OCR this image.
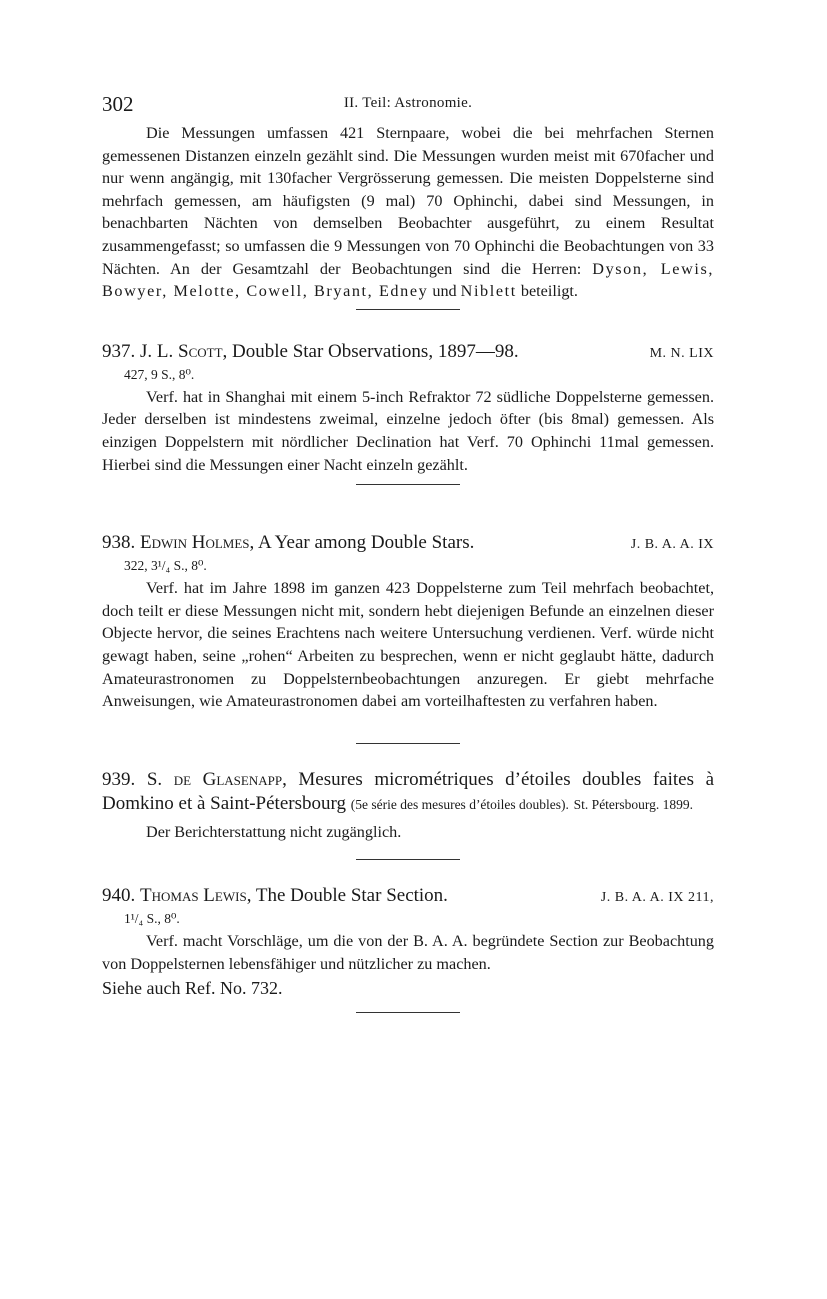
302	II. Teil: Astronomie.

Die Messungen umfassen 421 Sternpaare, wobei die bei mehrfachen Sternen gemessenen Distanzen einzeln gezählt sind. Die Messungen wurden meist mit 670facher und nur wenn angängig, mit 130facher Vergrösserung gemessen. Die meisten Doppelsterne sind mehrfach gemessen, am häufigsten (9 mal) 70 Ophinchi, dabei sind Messungen, in benachbarten Nächten von demselben Beobachter ausgeführt, zu einem Resultat zusammengefasst; so umfassen die 9 Messungen von 70 Ophinchi die Beobachtungen von 33 Nächten. An der Gesamtzahl der Beobachtungen sind die Herren: Dyson, Lewis, Bowyer, Melotte, Cowell, Bryant, Edney und Niblett beteiligt.

937. J. L. Scott, Double Star Observations, 1897—98.	M. N. LIX

427, 9 S., 8⁰.

Verf. hat in Shanghai mit einem 5-inch Refraktor 72 südliche Doppelsterne gemessen. Jeder derselben ist mindestens zweimal, einzelne jedoch öfter (bis 8mal) gemessen. Als einzigen Doppelstern mit nördlicher Declination hat Verf. 70 Ophinchi 11mal gemessen. Hierbei sind die Messungen einer Nacht einzeln gezählt.

938. Edwin Holmes, A Year among Double Stars.	J. B. A. A. IX

322, 3¹/₄ S., 8⁰.

Verf. hat im Jahre 1898 im ganzen 423 Doppelsterne zum Teil mehrfach beobachtet, doch teilt er diese Messungen nicht mit, sondern hebt diejenigen Befunde an einzelnen dieser Objecte hervor, die seines Erachtens nach weitere Untersuchung verdienen. Verf. würde nicht gewagt haben, seine „rohen“ Arbeiten zu besprechen, wenn er nicht geglaubt hätte, dadurch Amateurastronomen zu Doppelsternbeobachtungen anzuregen. Er giebt mehrfache Anweisungen, wie Amateurastronomen dabei am vorteilhaftesten zu verfahren haben.

939. S. de Glasenapp, Mesures micrométriques d’étoiles doubles faites à Domkino et à Saint-Pétersbourg (5e série des mesures d’étoiles doubles). St. Pétersbourg. 1899.

Der Berichterstattung nicht zugänglich.

940. Thomas Lewis, The Double Star Section.	J. B. A. A. IX 211,

1¹/₄ S., 8⁰.

Verf. macht Vorschläge, um die von der B. A. A. begründete Section zur Beobachtung von Doppelsternen lebensfähiger und nützlicher zu machen.

Siehe auch Ref. No. 732.
